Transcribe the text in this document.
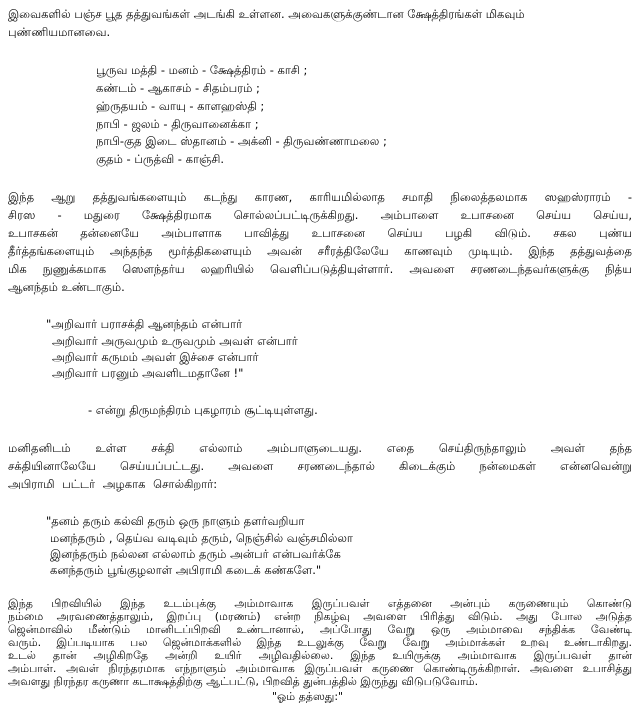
இவைகளில் பஞ்ச பூத தத்துவங்கள் அடங்கி உள்ளன. அவைகளுக்குண்டான க்ஷேத்திரங்கள் மிகவும்
புண்ணியமானவை.
பூருவ மத்தி - மனம் - க்ஷேத்திரம் - காசி ;
கண்டம் - ஆகாசம் - சிதம்பரம் ;
ஹ்ருதயம் - வாயு - காளஹஸ்தி ;
நாபி - ஜலம் - திருவானைக்கா ;
நாபி-குத இடை ஸ்தானம் - அக்னி - திருவண்ணாமலை ;
குதம் - ப்ருத்வி - காஞ்சி.
இந்த ஆறு தத்துவங்களையும் கடந்து காரண, காரியமில்லாத சமாதி நிலைத்தலமாக ஸஹஸ்ராரம் -
சிரஸ - மதுரை க்ஷேத்திரமாக சொல்லப்பட்டிருக்கிறது. அம்பாளை உபாசனை செய்ய செய்ய,
உபாசகன் தன்னையே அம்பாளாக பாவித்து உபாசனை செய்ய பழகி விடும். சகல புண்ய
தீர்த்தங்களையும் அந்தந்த மூர்த்திகளையும் அவன் சரீரத்திலேயே காணவும் முடியும். இந்த தத்துவத்தை
மிக நுணுக்கமாக ஸௌந்தர்ய லஹரியில் வெளிப்படுத்தியுள்ளார். அவளை சரணடைந்தவர்களுக்கு நித்ய
ஆனந்தம் உண்டாகும்.
"அறிவார் பராசக்தி ஆனந்தம் என்பார்
அறிவார் அருவமும் உருவமும் அவள் என்பார்
அறிவார் கருமம் அவள் இச்சை என்பார்
அறிவார் பரனும் அவளிடமதானே !"
- என்று திருமந்திரம் புகழாரம் சூட்டியுள்ளது.
மனிதனிடம் உள்ள சக்தி எல்லாம் அம்பாளுடையது. எதை செய்திருந்தாலும் அவள் தந்த
சக்தியினாலேயே செய்யப்பட்டது. அவளை சரணடைந்தால் கிடைக்கும் நன்மைகள் என்னவென்று
அபிராமி பட்டர் அழகாக சொல்கிறார்:
"தனம் தரும் கல்வி தரும் ஒரு நாளும் தளர்வறியா
மனந்தரும் , தெய்வ வடிவும் தரும், நெஞ்சில் வஞ்சமில்லா
இனந்தரும் நல்லன எல்லாம் தரும் அன்பர் என்பவர்க்கே
கனந்தரும் பூங்குழலாள் அபிராமி கடைக் கண்களே."
இந்த பிறவியில் இந்த உடம்புக்கு அம்மாவாக இருப்பவள் எத்தனை அன்பும் கருணையும் கொண்டு
நம்மை அரவணைத்தாலும், இறப்பு (மரணம்) என்ற நிகழ்வு அவளை பிரித்து விடும். அது போல அடுத்த
ஜென்மாவில் மீண்டும் மானிடப்பிறவி உண்டானால், அப்போது வேறு ஒரு அம்மாவை சந்திக்க வேண்டி
வரும். இப்படியாக பல ஜென்மாக்களில் இந்த உடலுக்கு வேறு வேறு அம்மாக்கள் உறவு உண்டாகிறது.
உடல் தான் அழிகிறதே அன்றி உயிர் அழிவதில்லை. இந்த உயிருக்கு அம்மாவாக இருப்பவள் தான்
அம்பாள். அவள் நிரந்தரமாக எந்நாளும் அம்மாவாக இருப்பவள் கருணை கொண்டிருக்கிறாள். அவளை உபாசித்து
அவளது நிரந்தர கருணா கடாக்ஷத்திற்கு ஆட்பட்டு, பிறவித் துன்பத்தில் இருந்து விடுபடுவோம்.
"ஓம் தத்ஸது:"
